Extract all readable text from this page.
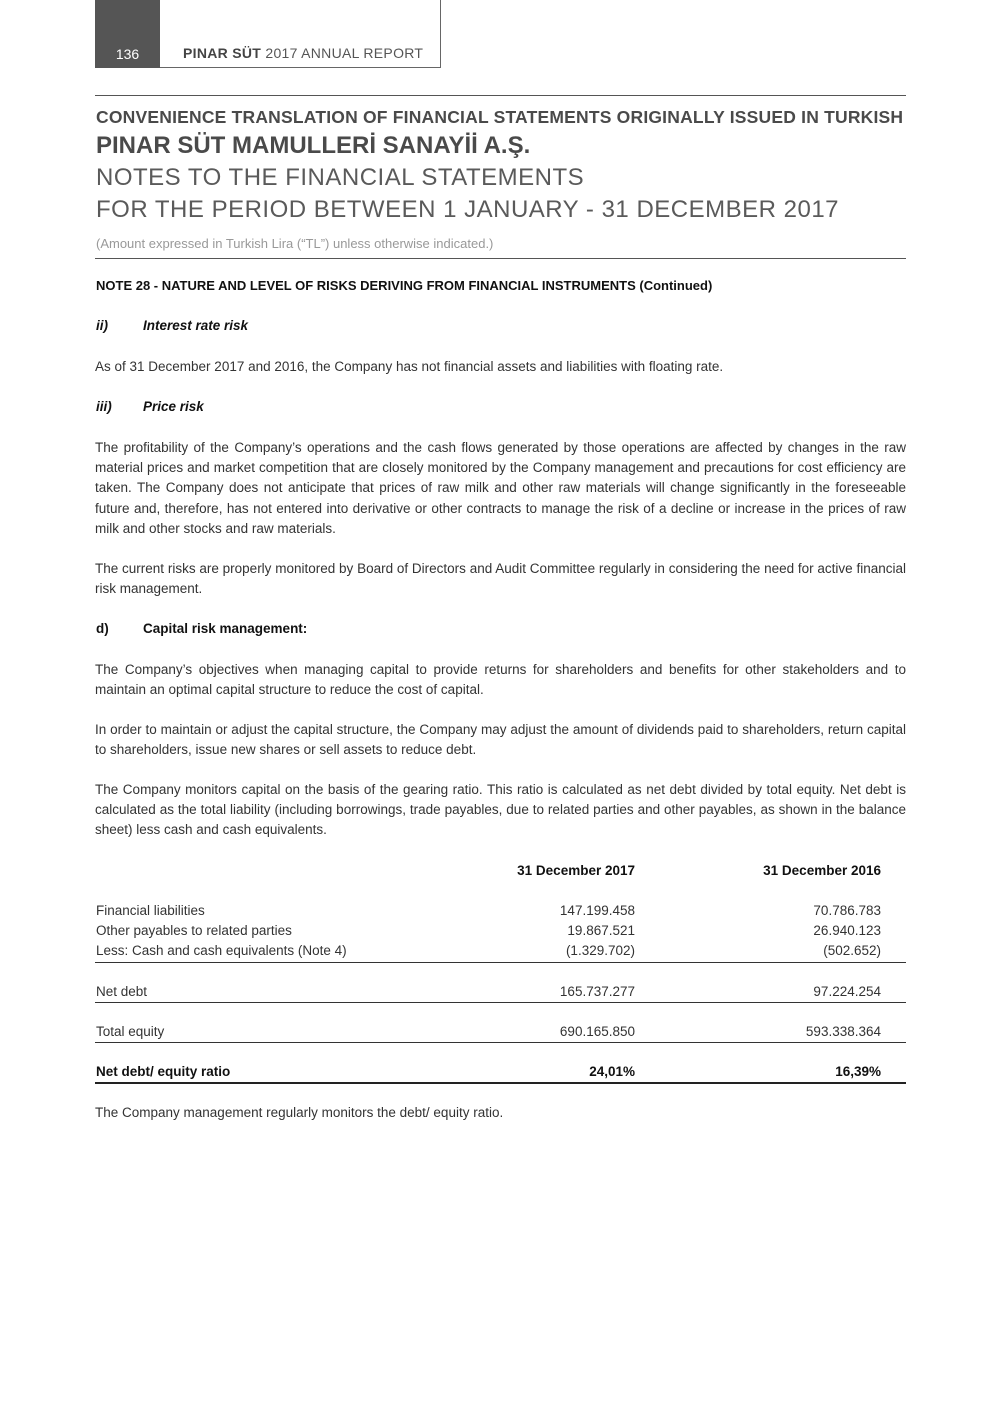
136	PINAR SÜT 2017 ANNUAL REPORT
CONVENIENCE TRANSLATION OF FINANCIAL STATEMENTS ORIGINALLY ISSUED IN TURKISH
PINAR SÜT MAMULLERİ SANAYİİ A.Ş.
NOTES TO THE FINANCIAL STATEMENTS
FOR THE PERIOD BETWEEN 1 JANUARY - 31 DECEMBER 2017
(Amount expressed in Turkish Lira (“TL”) unless otherwise indicated.)
NOTE 28 - NATURE AND LEVEL OF RISKS DERIVING FROM FINANCIAL INSTRUMENTS (Continued)
ii)	Interest rate risk
As of 31 December 2017 and 2016, the Company has not financial assets and liabilities with floating rate.
iii) Price risk
The profitability of the Company’s operations and the cash flows generated by those operations are affected by changes in the raw material prices and market competition that are closely monitored by the Company management and precautions for cost efficiency are taken. The Company does not anticipate that prices of raw milk and other raw materials will change significantly in the foreseeable future and, therefore, has not entered into derivative or other contracts to manage the risk of a decline or increase in the prices of raw milk and other stocks and raw materials.
The current risks are properly monitored by Board of Directors and Audit Committee regularly in considering the need for active financial risk management.
d)	Capital risk management:
The Company’s objectives when managing capital to provide returns for shareholders and benefits for other stakeholders and to maintain an optimal capital structure to reduce the cost of capital.
In order to maintain or adjust the capital structure, the Company may adjust the amount of dividends paid to shareholders, return capital to shareholders, issue new shares or sell assets to reduce debt.
The Company monitors capital on the basis of the gearing ratio. This ratio is calculated as net debt divided by total equity. Net debt is calculated as the total liability (including borrowings, trade payables, due to related parties and other payables, as shown in the balance sheet) less cash and cash equivalents.
31 December 2017	31 December 2016
Financial liabilities	147.199.458	70.786.783
Other payables to related parties	19.867.521	26.940.123
Less: Cash and cash equivalents (Note 4)	(1.329.702)	(502.652)
Net debt	165.737.277	97.224.254
Total equity	690.165.850	593.338.364
Net debt/ equity ratio	24,01%	16,39%
The Company management regularly monitors the debt/ equity ratio.
